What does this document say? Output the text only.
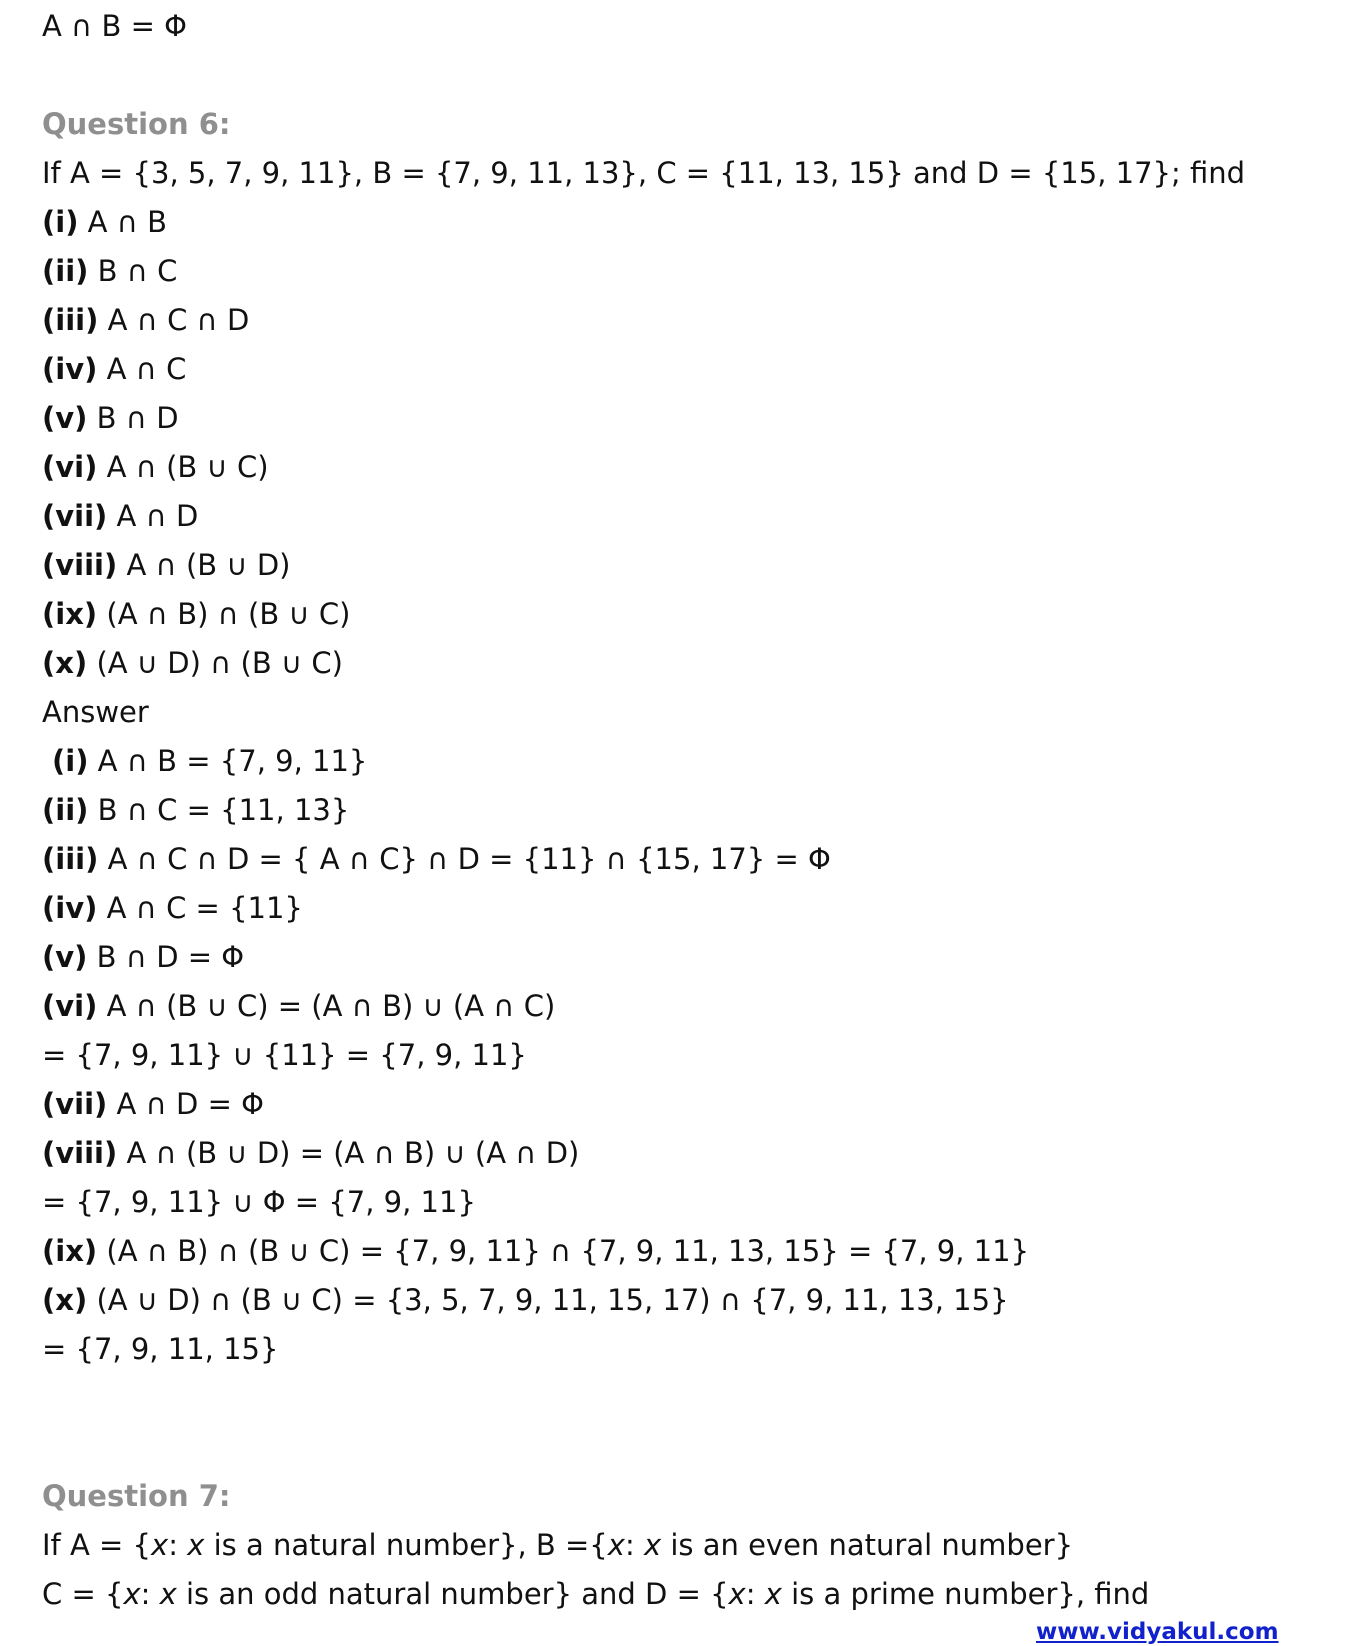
A ∩ B = Φ
Question 6:
If A = {3, 5, 7, 9, 11}, B = {7, 9, 11, 13}, C = {11, 13, 15} and D = {15, 17}; find
(i) A ∩ B
(ii) B ∩ C
(iii) A ∩ C ∩ D
(iv) A ∩ C
(v) B ∩ D
(vi) A ∩ (B ∪ C)
(vii) A ∩ D
(viii) A ∩ (B ∪ D)
(ix) (A ∩ B) ∩ (B ∪ C)
(x) (A ∪ D) ∩ (B ∪ C)
Answer
(i) A ∩ B = {7, 9, 11}
(ii) B ∩ C = {11, 13}
(iii) A ∩ C ∩ D = { A ∩ C} ∩ D = {11} ∩ {15, 17} = Φ
(iv) A ∩ C = {11}
(v) B ∩ D = Φ
(vi) A ∩ (B ∪ C) = (A ∩ B) ∪ (A ∩ C)
= {7, 9, 11} ∪ {11} = {7, 9, 11}
(vii) A ∩ D = Φ
(viii) A ∩ (B ∪ D) = (A ∩ B) ∪ (A ∩ D)
= {7, 9, 11} ∪ Φ = {7, 9, 11}
(ix) (A ∩ B) ∩ (B ∪ C) = {7, 9, 11} ∩ {7, 9, 11, 13, 15} = {7, 9, 11}
(x) (A ∪ D) ∩ (B ∪ C) = {3, 5, 7, 9, 11, 15, 17) ∩ {7, 9, 11, 13, 15}
= {7, 9, 11, 15}
Question 7:
If A = {x: x is a natural number}, B ={x: x is an even natural number}
C = {x: x is an odd natural number} and D = {x: x is a prime number}, find
www.vidyakul.com
